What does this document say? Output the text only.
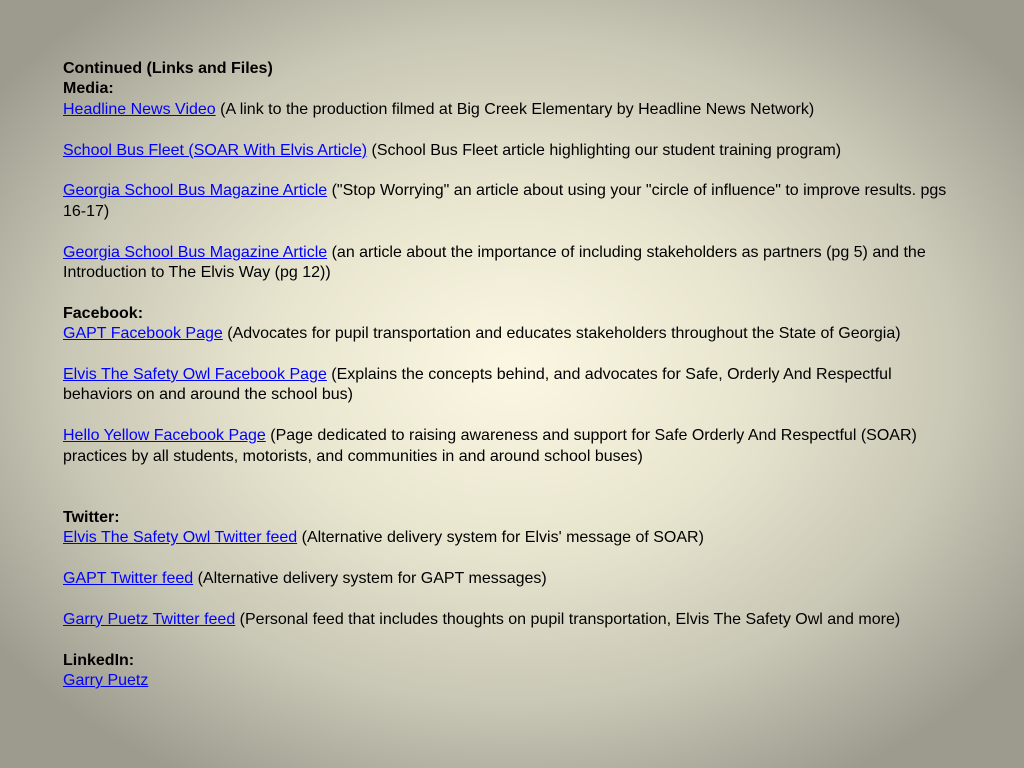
Continued (Links and Files)

Media:

Headline News Video (A link to the production filmed at Big Creek Elementary by Headline News Network)

School Bus Fleet (SOAR With Elvis Article) (School Bus Fleet article highlighting our student training program)

Georgia School Bus Magazine Article ("Stop Worrying" an article about using your "circle of influence" to improve results. pgs 16-17)

Georgia School Bus Magazine Article (an article about the importance of including stakeholders as partners (pg 5) and the Introduction to The Elvis Way (pg 12))

Facebook:

GAPT Facebook Page (Advocates for pupil transportation and educates stakeholders throughout the State of Georgia)

Elvis The Safety Owl Facebook Page (Explains the concepts behind, and advocates for Safe, Orderly And Respectful behaviors on and around the school bus)

Hello Yellow Facebook Page (Page dedicated to raising awareness and support for Safe Orderly And Respectful (SOAR) practices by all students, motorists, and communities in and around school buses)

Twitter:

Elvis The Safety Owl Twitter feed (Alternative delivery system for Elvis' message of SOAR)

GAPT Twitter feed (Alternative delivery system for GAPT messages)

Garry Puetz Twitter feed (Personal feed that includes thoughts on pupil transportation, Elvis The Safety Owl and more)

LinkedIn:

Garry Puetz
